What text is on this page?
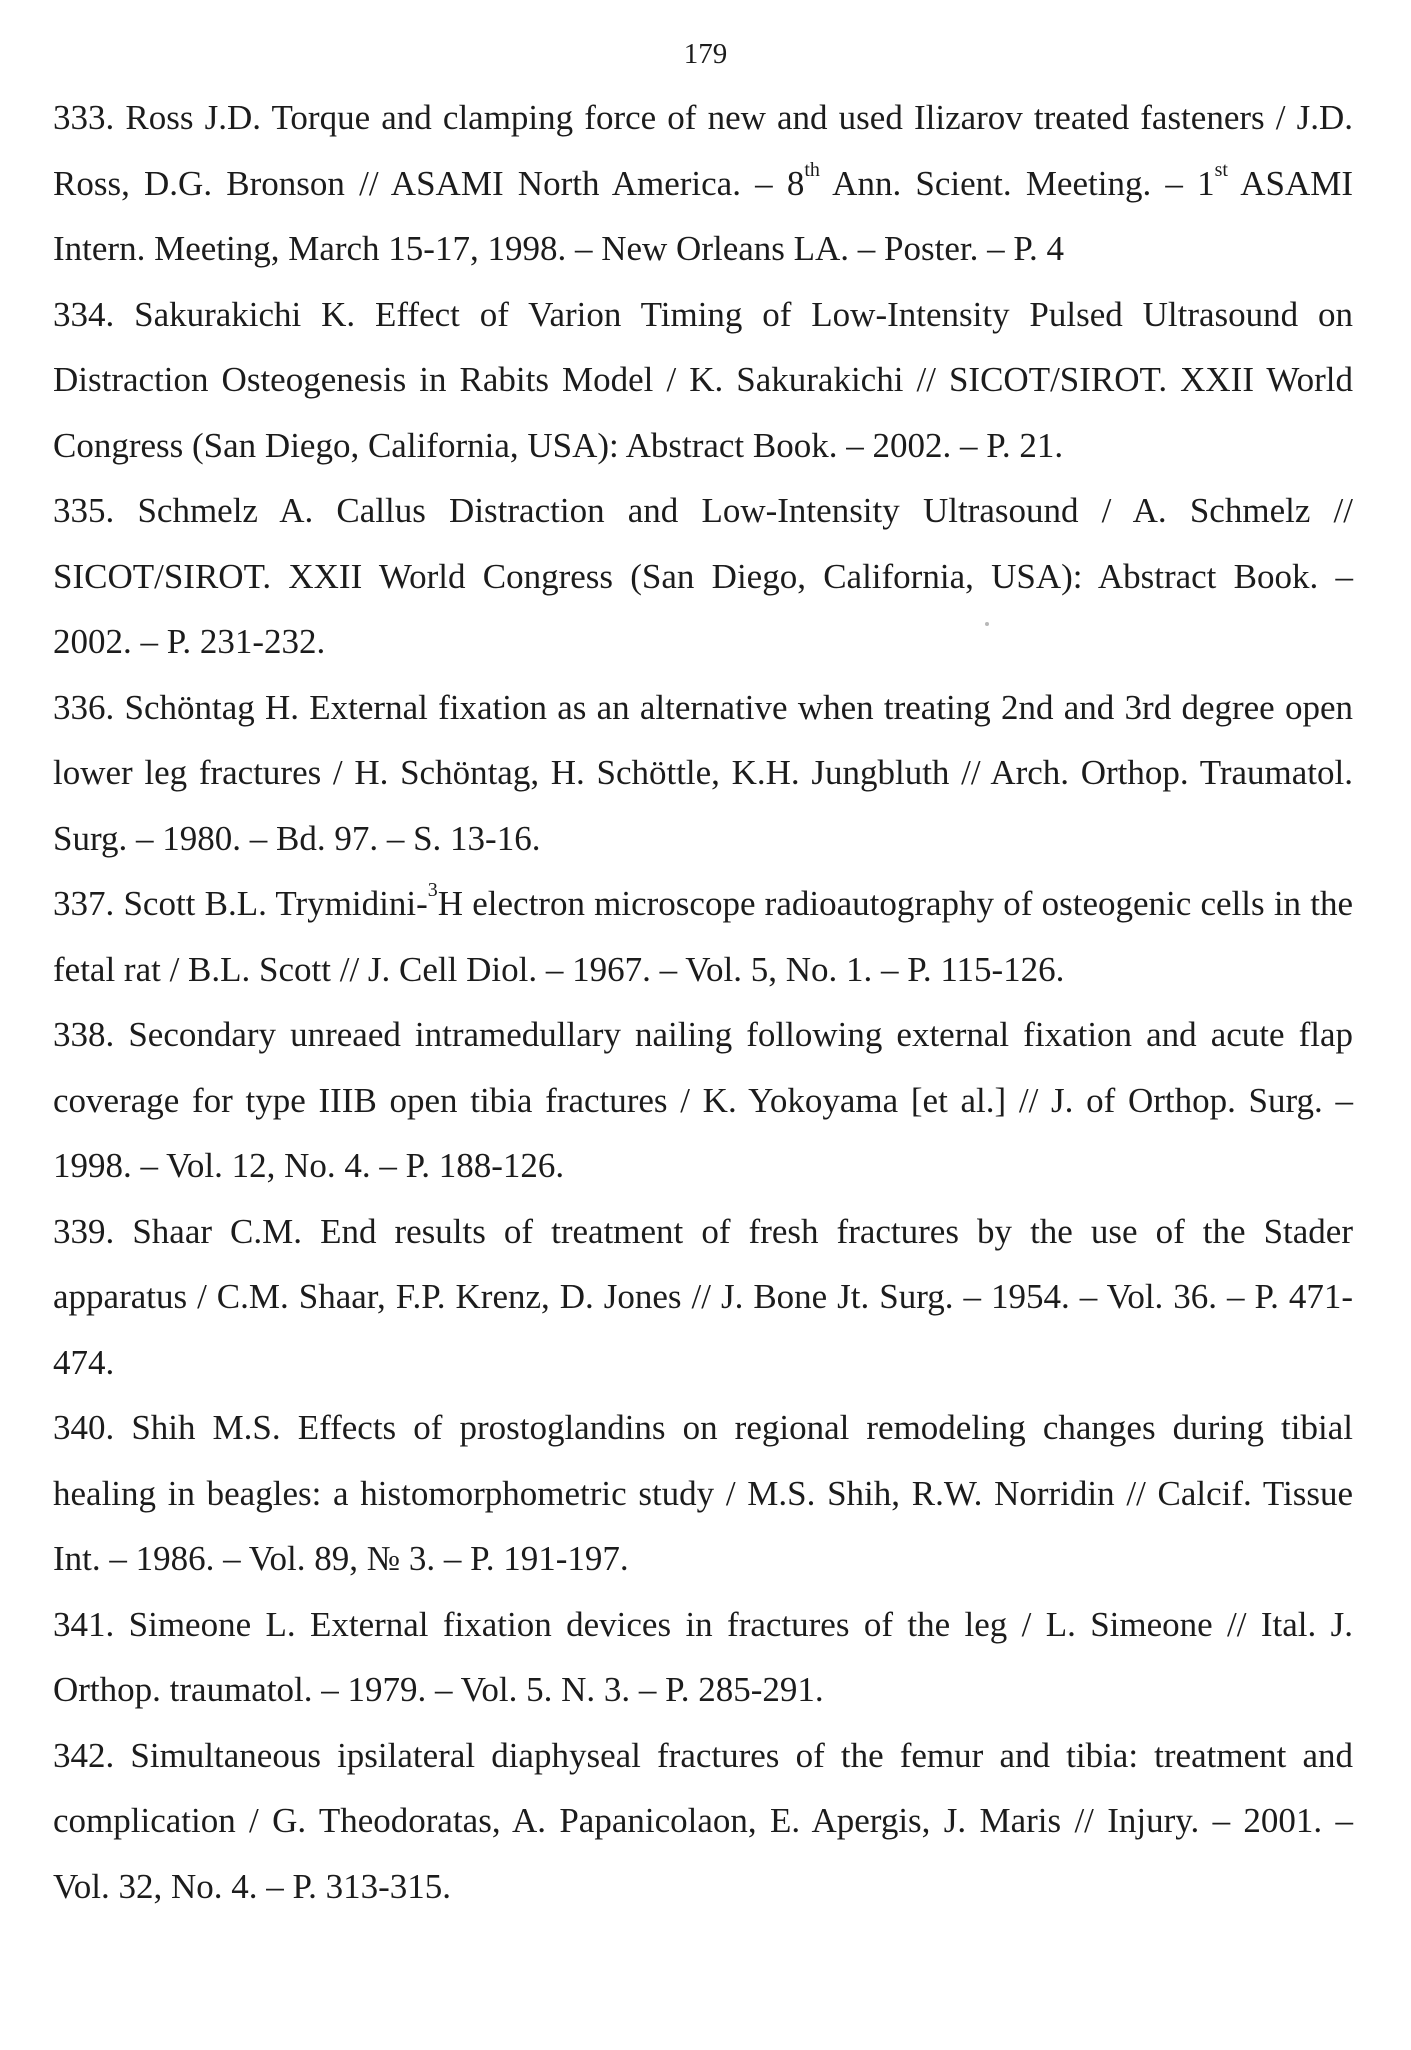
179

333. Ross J.D. Torque and clamping force of new and used Ilizarov treated fasteners / J.D. Ross, D.G. Bronson // ASAMI North America. – 8th Ann. Scient. Meeting. – 1st ASAMI Intern. Meeting, March 15-17, 1998. – New Orleans LA. – Poster. – P. 4

334. Sakurakichi K. Effect of Varion Timing of Low-Intensity Pulsed Ultrasound on Distraction Osteogenesis in Rabits Model / K. Sakurakichi // SICOT/SIROT. XXII World Congress (San Diego, California, USA): Abstract Book. – 2002. – P. 21.

335. Schmelz A. Callus Distraction and Low-Intensity Ultrasound / A. Schmelz // SICOT/SIROT. XXII World Congress (San Diego, California, USA): Abstract Book. – 2002. – P. 231-232.

336. Schöntag H. External fixation as an alternative when treating 2nd and 3rd degree open lower leg fractures / H. Schöntag, H. Schöttle, K.H. Jungbluth // Arch. Orthop. Traumatol. Surg. – 1980. – Bd. 97. – S. 13-16.

337. Scott B.L. Trymidini-$^3$H electron microscope radioautography of osteogenic cells in the fetal rat / B.L. Scott // J. Cell Diol. – 1967. – Vol. 5, No. 1. – P. 115-126.

338. Secondary unreaed intramedullary nailing following external fixation and acute flap coverage for type IIIB open tibia fractures / K. Yokoyama [et al.] // J. of Orthop. Surg. – 1998. – Vol. 12, No. 4. – P. 188-126.

339. Shaar C.M. End results of treatment of fresh fractures by the use of the Stader apparatus / C.M. Shaar, F.P. Krenz, D. Jones // J. Bone Jt. Surg. – 1954. – Vol. 36. – P. 471-474.

340. Shih M.S. Effects of prostoglandins on regional remodeling changes during tibial healing in beagles: a histomorphometric study / M.S. Shih, R.W. Norridin // Calcif. Tissue Int. – 1986. – Vol. 89, № 3. – P. 191-197.

341. Simeone L. External fixation devices in fractures of the leg / L. Simeone // Ital. J. Orthop. traumatol. – 1979. – Vol. 5. N. 3. – P. 285-291.

342. Simultaneous ipsilateral diaphyseal fractures of the femur and tibia: treatment and complication / G. Theodoratas, A. Papanicolaon, E. Apergis, J. Maris // Injury. – 2001. – Vol. 32, No. 4. – P. 313-315.
